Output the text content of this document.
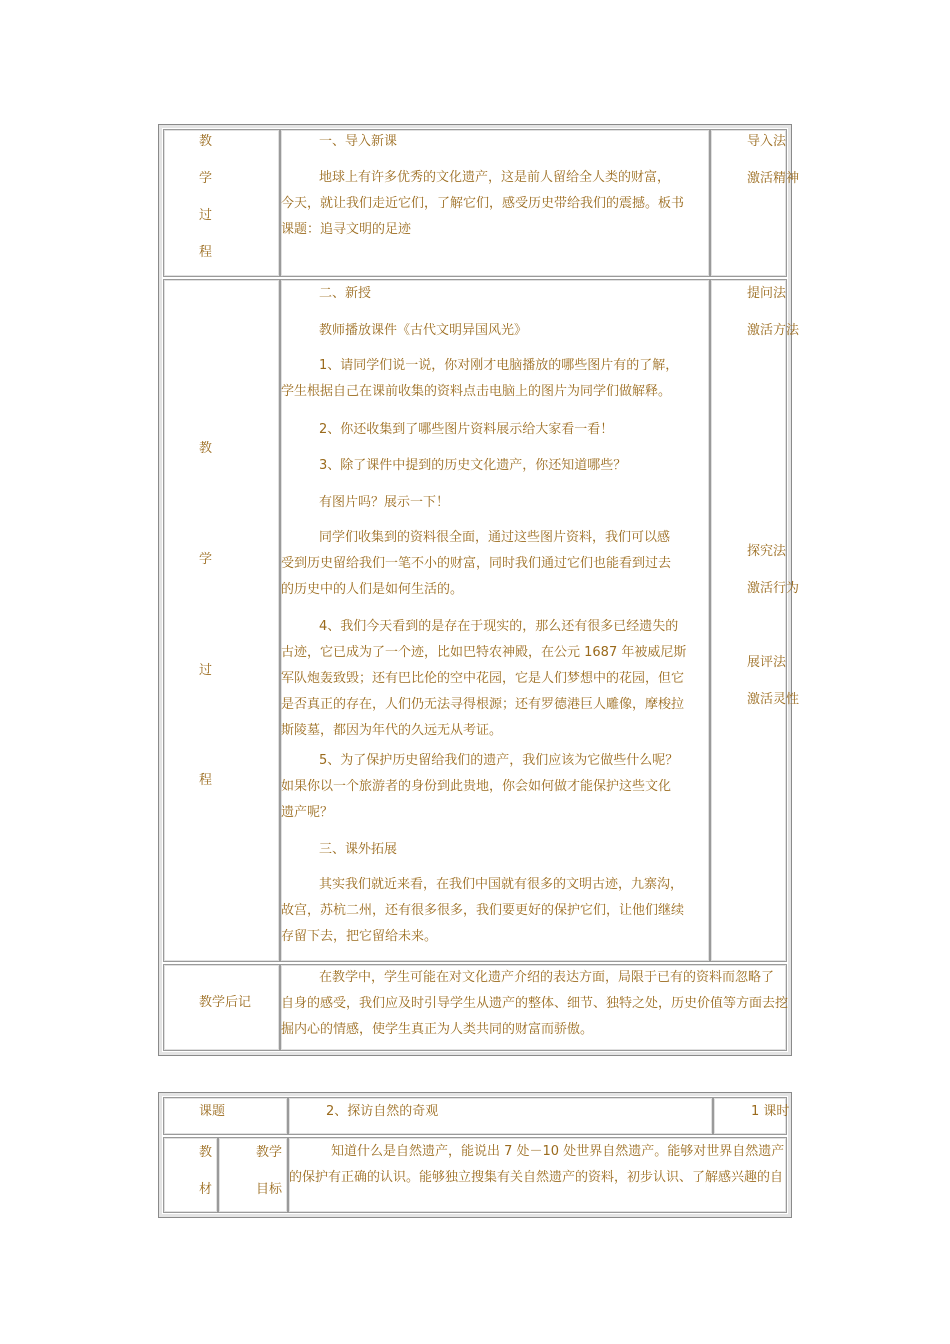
教
学
过
程
一、导入新课
地球上有许多优秀的文化遗产，这是前人留给全人类的财富，
今天，就让我们走近它们，了解它们，感受历史带给我们的震撼。板书
课题：追寻文明的足迹
导入法
激活精神
教
学
过
程
二、新授
教师播放课件《古代文明异国风光》
1、请同学们说一说，你对刚才电脑播放的哪些图片有的了解，
学生根据自己在课前收集的资料点击电脑上的图片为同学们做解释。
2、你还收集到了哪些图片资料展示给大家看一看！
3、除了课件中提到的历史文化遗产，你还知道哪些？
有图片吗？展示一下！
同学们收集到的资料很全面，通过这些图片资料，我们可以感
受到历史留给我们一笔不小的财富，同时我们通过它们也能看到过去
的历史中的人们是如何生活的。
4、我们今天看到的是存在于现实的，那么还有很多已经遗失的
古迹，它已成为了一个迹，比如巴特农神殿，在公元 1687 年被威尼斯
军队炮轰致毁；还有巴比伦的空中花园，它是人们梦想中的花园，但它
是否真正的存在，人们仍无法寻得根源；还有罗德港巨人雕像，摩梭拉
斯陵墓，都因为年代的久远无从考证。
5、为了保护历史留给我们的遗产，我们应该为它做些什么呢？
如果你以一个旅游者的身份到此贵地，你会如何做才能保护这些文化
遗产呢？
三、课外拓展
其实我们就近来看，在我们中国就有很多的文明古迹，九寨沟，
故宫，苏杭二州，还有很多很多，我们要更好的保护它们，让他们继续
存留下去，把它留给未来。
提问法
激活方法
探究法
激活行为
展评法
激活灵性
教学后记
在教学中，学生可能在对文化遗产介绍的表达方面，局限于已有的资料而忽略了
自身的感受，我们应及时引导学生从遗产的整体、细节、独特之处，历史价值等方面去挖
掘内心的情感，使学生真正为人类共同的财富而骄傲。
课题	2、探访自然的奇观	1 课时
教
材
教学
目标
知道什么是自然遗产，能说出 7 处－10 处世界自然遗产。能够对世界自然遗产
的保护有正确的认识。能够独立搜集有关自然遗产的资料，初步认识、了解感兴趣的自
